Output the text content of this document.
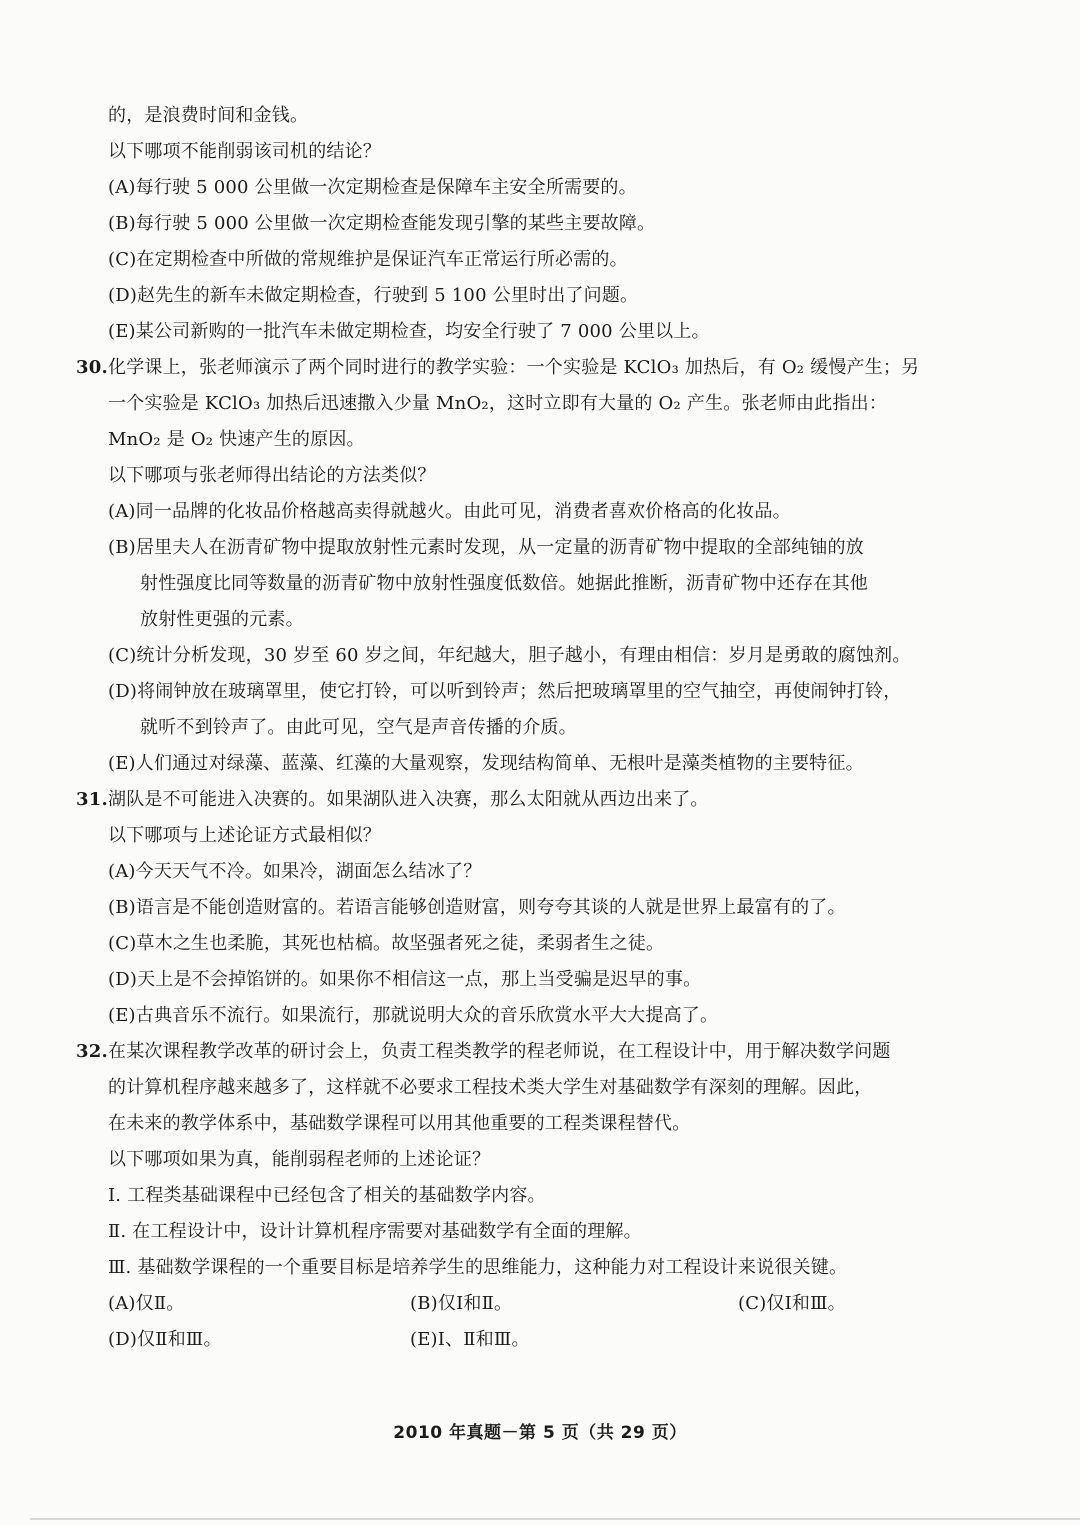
的，是浪费时间和金钱。
以下哪项不能削弱该司机的结论？
(A)每行驶 5 000 公里做一次定期检查是保障车主安全所需要的。
(B)每行驶 5 000 公里做一次定期检查能发现引擎的某些主要故障。
(C)在定期检查中所做的常规维护是保证汽车正常运行所必需的。
(D)赵先生的新车未做定期检查，行驶到 5 100 公里时出了问题。
(E)某公司新购的一批汽车未做定期检查，均安全行驶了 7 000 公里以上。
30. 化学课上，张老师演示了两个同时进行的教学实验：一个实验是 KClO₃ 加热后，有 O₂ 缓慢产生；另
一个实验是 KClO₃ 加热后迅速撒入少量 MnO₂，这时立即有大量的 O₂ 产生。张老师由此指出：
MnO₂ 是 O₂ 快速产生的原因。
以下哪项与张老师得出结论的方法类似？
(A)同一品牌的化妆品价格越高卖得就越火。由此可见，消费者喜欢价格高的化妆品。
(B)居里夫人在沥青矿物中提取放射性元素时发现，从一定量的沥青矿物中提取的全部纯铀的放
射性强度比同等数量的沥青矿物中放射性强度低数倍。她据此推断，沥青矿物中还存在其他
放射性更强的元素。
(C)统计分析发现，30 岁至 60 岁之间，年纪越大，胆子越小，有理由相信：岁月是勇敢的腐蚀剂。
(D)将闹钟放在玻璃罩里，使它打铃，可以听到铃声；然后把玻璃罩里的空气抽空，再使闹钟打铃，
就听不到铃声了。由此可见，空气是声音传播的介质。
(E)人们通过对绿藻、蓝藻、红藻的大量观察，发现结构简单、无根叶是藻类植物的主要特征。
31. 湖队是不可能进入决赛的。如果湖队进入决赛，那么太阳就从西边出来了。
以下哪项与上述论证方式最相似？
(A)今天天气不冷。如果冷，湖面怎么结冰了？
(B)语言是不能创造财富的。若语言能够创造财富，则夸夸其谈的人就是世界上最富有的了。
(C)草木之生也柔脆，其死也枯槁。故坚强者死之徒，柔弱者生之徒。
(D)天上是不会掉馅饼的。如果你不相信这一点，那上当受骗是迟早的事。
(E)古典音乐不流行。如果流行，那就说明大众的音乐欣赏水平大大提高了。
32. 在某次课程教学改革的研讨会上，负责工程类教学的程老师说，在工程设计中，用于解决数学问题
的计算机程序越来越多了，这样就不必要求工程技术类大学生对基础数学有深刻的理解。因此，
在未来的教学体系中，基础数学课程可以用其他重要的工程类课程替代。
以下哪项如果为真，能削弱程老师的上述论证？
Ⅰ. 工程类基础课程中已经包含了相关的基础数学内容。
Ⅱ. 在工程设计中，设计计算机程序需要对基础数学有全面的理解。
Ⅲ. 基础数学课程的一个重要目标是培养学生的思维能力，这种能力对工程设计来说很关键。
(A)仅Ⅱ。	(B)仅Ⅰ和Ⅱ。	(C)仅Ⅰ和Ⅲ。
(D)仅Ⅱ和Ⅲ。	(E)Ⅰ、Ⅱ和Ⅲ。
2010 年真题－第 5 页（共 29 页）
